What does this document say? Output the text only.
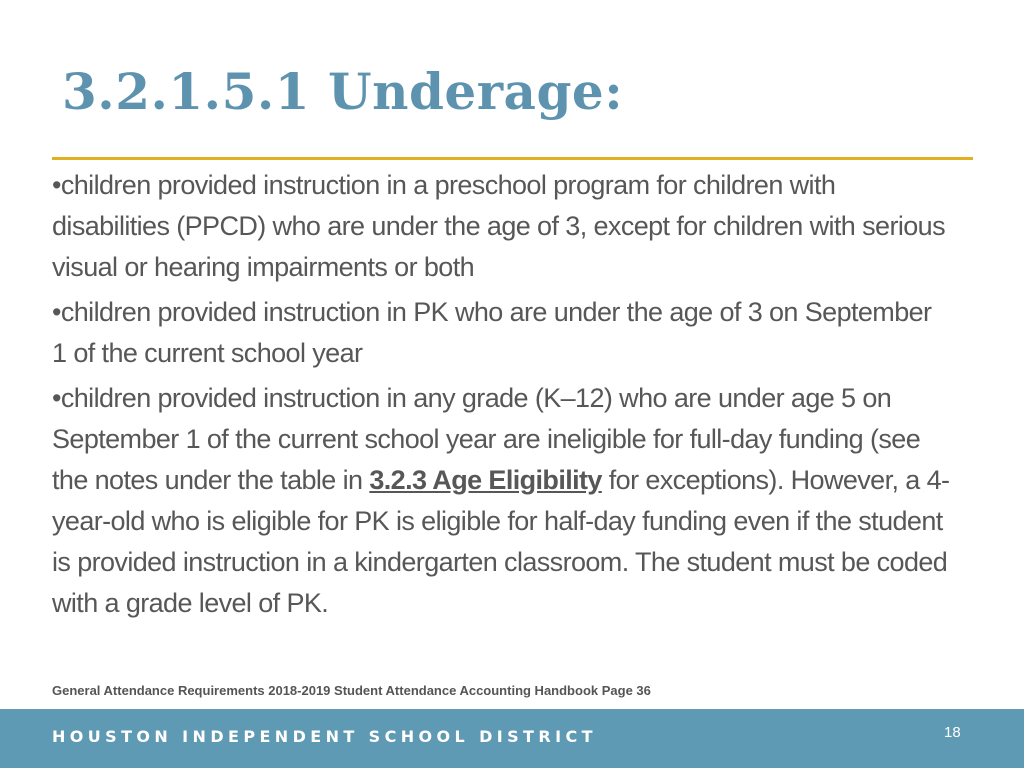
3.2.1.5.1 Underage:
•children provided instruction in a preschool program for children with disabilities (PPCD) who are under the age of 3, except for children with serious visual or hearing impairments or both
•children provided instruction in PK who are under the age of 3 on September 1 of the current school year
•children provided instruction in any grade (K–12) who are under age 5 on September 1 of the current school year are ineligible for full-day funding (see the notes under the table in 3.2.3 Age Eligibility for exceptions). However, a 4-year-old who is eligible for PK is eligible for half-day funding even if the student is provided instruction in a kindergarten classroom. The student must be coded with a grade level of PK.
General Attendance Requirements 2018-2019 Student Attendance Accounting Handbook Page 36
HOUSTON INDEPENDENT SCHOOL DISTRICT	18
